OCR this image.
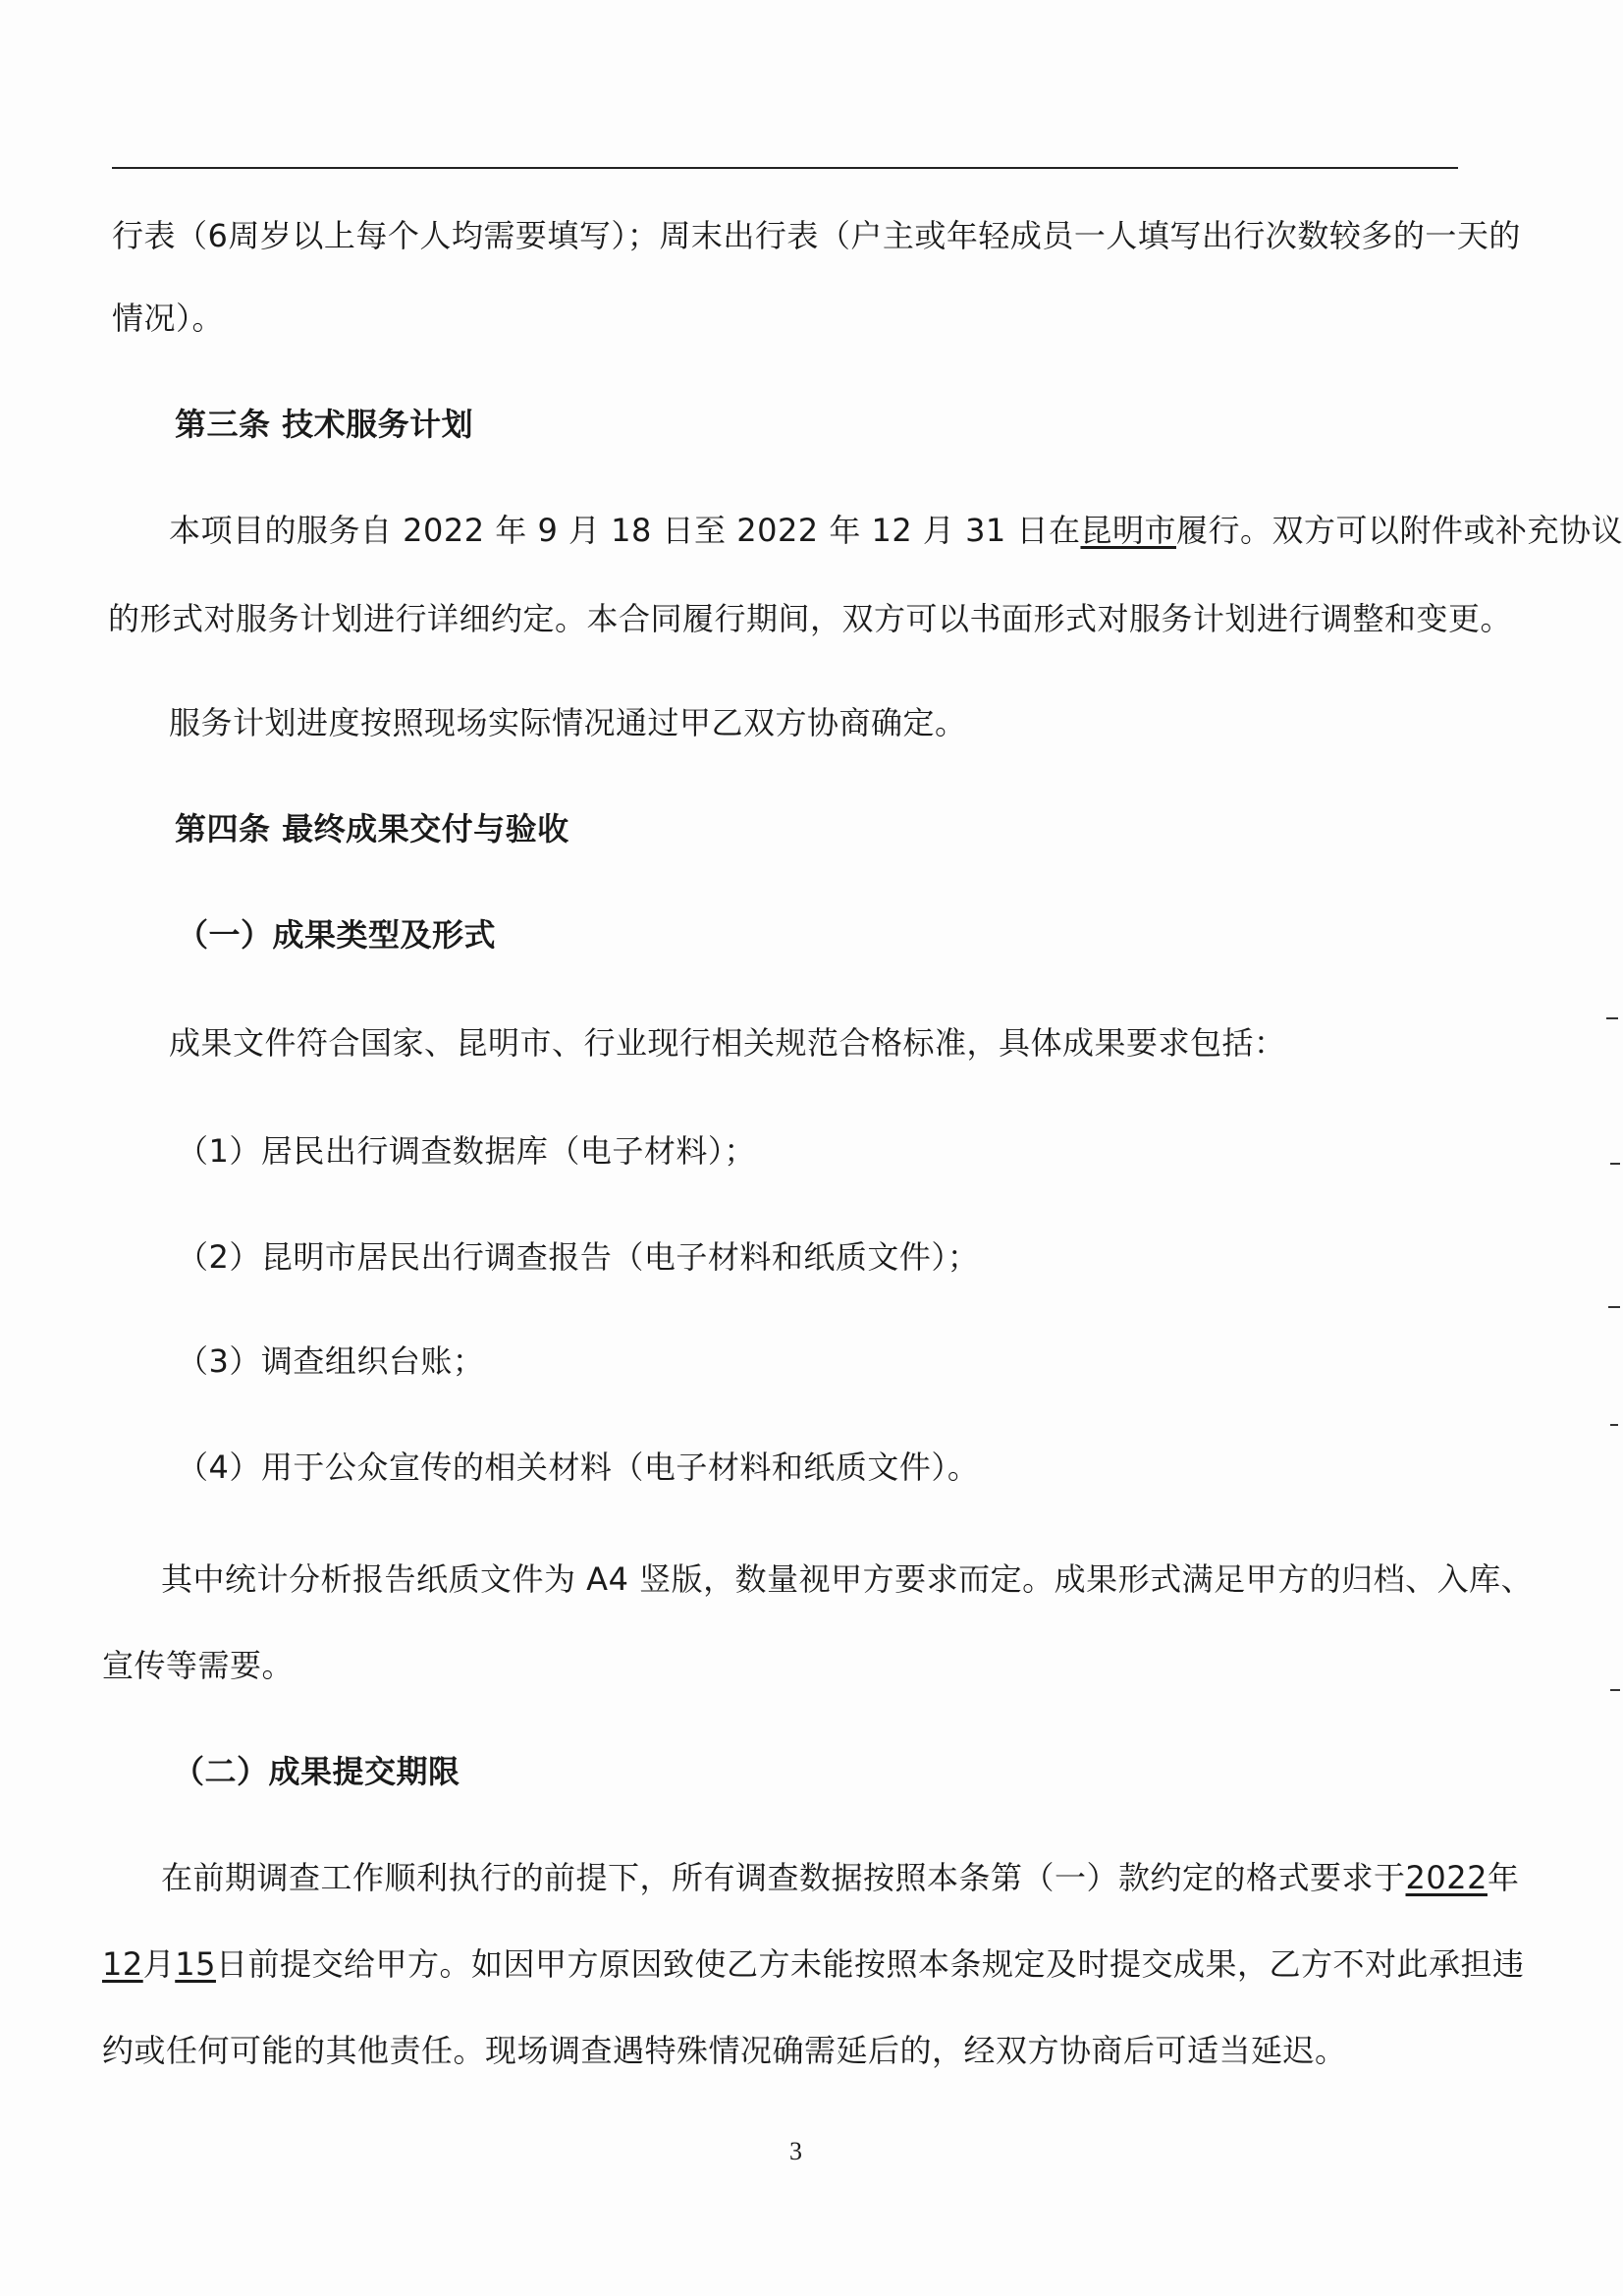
行表（6周岁以上每个人均需要填写）；周末出行表（户主或年轻成员一人填写出行次数较多的一天的
情况）。
第三条 技术服务计划
本项目的服务自 2022 年 9 月 18 日至 2022 年 12 月 31 日在昆明市履行。双方可以附件或补充协议
的形式对服务计划进行详细约定。本合同履行期间，双方可以书面形式对服务计划进行调整和变更。
服务计划进度按照现场实际情况通过甲乙双方协商确定。
第四条 最终成果交付与验收
（一）成果类型及形式
成果文件符合国家、昆明市、行业现行相关规范合格标准，具体成果要求包括：
（1）居民出行调查数据库（电子材料）；
（2）昆明市居民出行调查报告（电子材料和纸质文件）；
（3）调查组织台账；
（4）用于公众宣传的相关材料（电子材料和纸质文件）。
其中统计分析报告纸质文件为 A4 竖版，数量视甲方要求而定。成果形式满足甲方的归档、入库、
宣传等需要。
（二）成果提交期限
在前期调查工作顺利执行的前提下，所有调查数据按照本条第（一）款约定的格式要求于2022年
12月15日前提交给甲方。如因甲方原因致使乙方未能按照本条规定及时提交成果，乙方不对此承担违
约或任何可能的其他责任。现场调查遇特殊情况确需延后的，经双方协商后可适当延迟。
3
